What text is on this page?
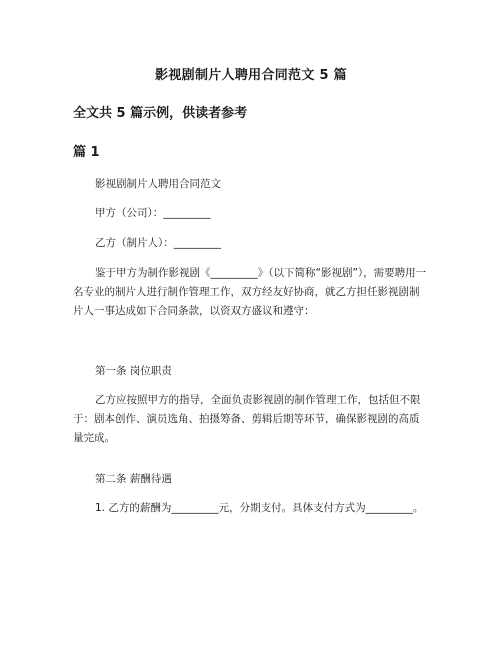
影视剧制片人聘用合同范文 5 篇
全文共 5 篇示例，供读者参考
篇 1

影视剧制片人聘用合同范文

甲方（公司）：_________

乙方（制片人）：_________

鉴于甲方为制作影视剧《_________》（以下简称“影视剧”），需要聘用一名专业的制片人进行制作管理工作，双方经友好协商，就乙方担任影视剧制片人一事达成如下合同条款，以资双方盛议和遵守：

第一条 岗位职责

乙方应按照甲方的指导，全面负责影视剧的制作管理工作，包括但不限于：剧本创作、演员选角、拍摄筹备、剪辑后期等环节，确保影视剧的高质量完成。

第二条 薪酬待遇

1. 乙方的薪酬为_________元，分期支付。具体支付方式为_________。
